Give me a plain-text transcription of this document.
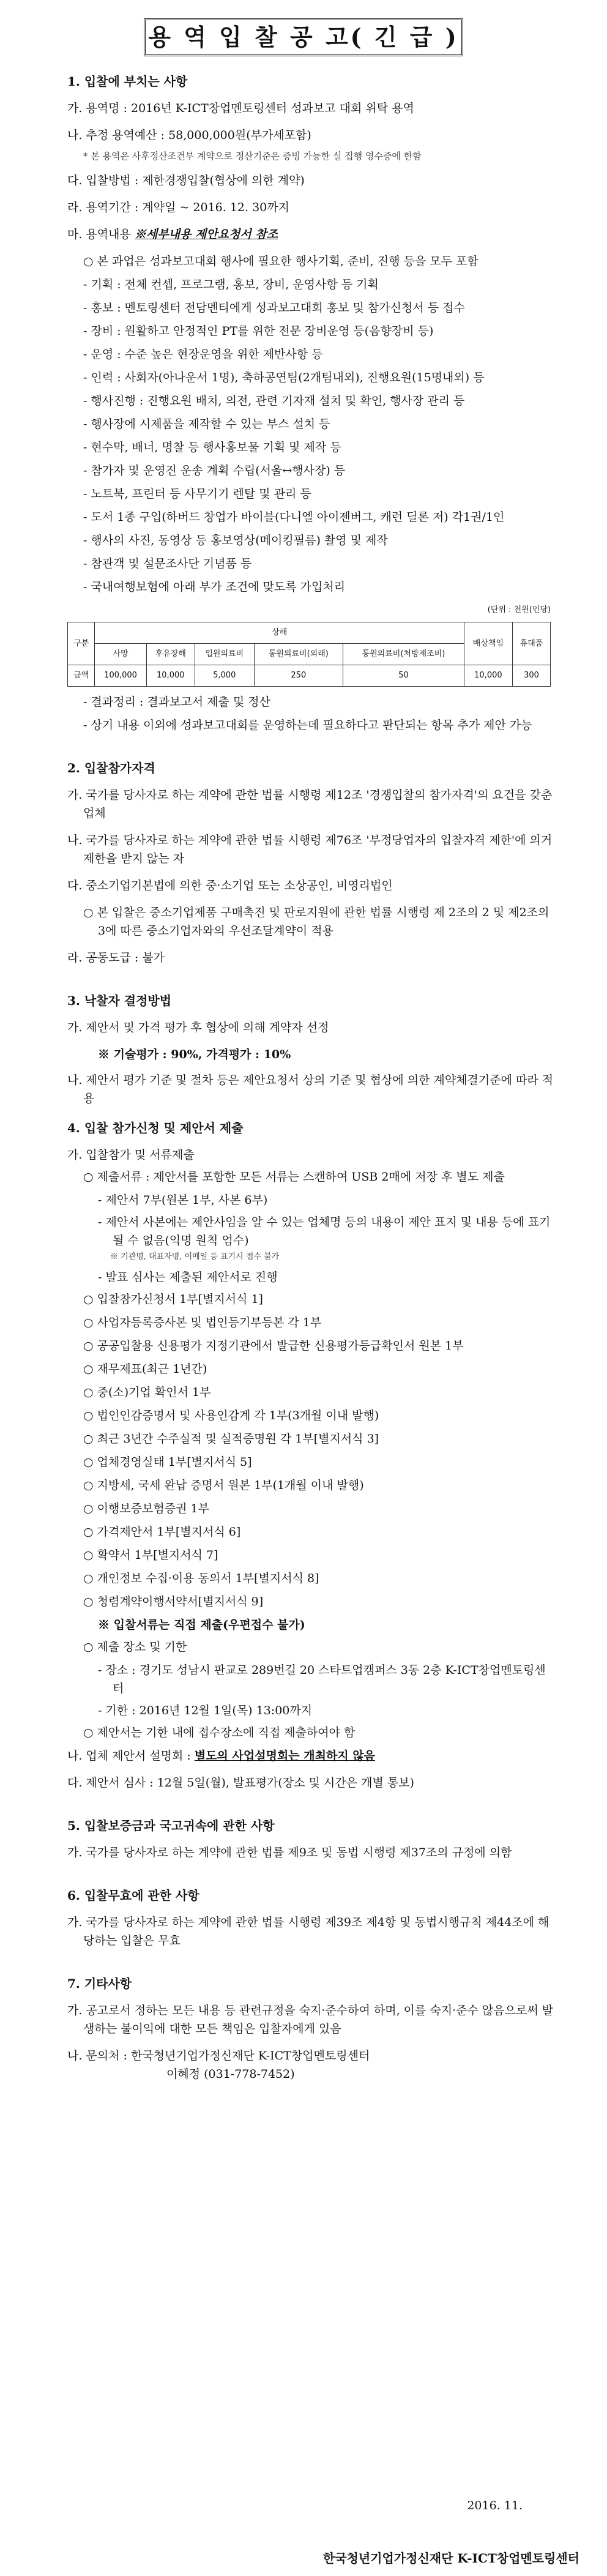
용 역 입 찰 공 고( 긴 급 )
1. 입찰에 부치는 사항
가. 용역명 : 2016년 K-ICT창업멘토링센터 성과보고 대회 위탁 용역
나. 추정 용역예산 : 58,000,000원(부가세포함)
* 본 용역은 사후정산조건부 계약으로 정산기준은 증빙 가능한 실 집행 영수증에 한함
다. 입찰방법 : 제한경쟁입찰(협상에 의한 계약)
라. 용역기간 : 계약일 ~ 2016. 12. 30까지
마. 용역내용 ※세부내용 제안요청서 참조
○ 본 과업은 성과보고대회 행사에 필요한 행사기획, 준비, 진행 등을 모두 포함
- 기획 : 전체 컨셉, 프로그램, 홍보, 장비, 운영사항 등 기획
- 홍보 : 멘토링센터 전담멘티에게 성과보고대회 홍보 및 참가신청서 등 접수
- 장비 : 원활하고 안정적인 PT를 위한 전문 장비운영 등(음향장비 등)
- 운영 : 수준 높은 현장운영을 위한 제반사항 등
- 인력 : 사회자(아나운서 1명), 축하공연팀(2개팀내외), 진행요원(15명내외) 등
- 행사진행 : 진행요원 배치, 의전, 관련 기자재 설치 및 확인, 행사장 관리 등
- 행사장에 시제품을 제작할 수 있는 부스 설치 등
- 현수막, 배너, 명찰 등 행사홍보물 기획 및 제작 등
- 참가자 및 운영진 운송 계획 수립(서울↔행사장) 등
- 노트북, 프린터 등 사무기기 렌탈 및 관리 등
- 도서 1종 구입(하버드 창업가 바이블(다니엘 아이젠버그, 캐런 딜론 저) 각1권/1인
- 행사의 사진, 동영상 등 홍보영상(메이킹필름) 촬영 및 제작
- 참관객 및 설문조사단 기념품 등
- 국내여행보험에 아래 부가 조건에 맞도록 가입처리
(단위 : 천원(인당)
구분	상해					배상책임	휴대품
	사망	후유장해	입원의료비	통원의료비(외래)	통원의료비(처방제조비)		
금액	100,000	10,000	5,000	250	50	10,000	300
- 결과정리 : 결과보고서 제출 및 정산
- 상기 내용 이외에 성과보고대회를 운영하는데 필요하다고 판단되는 항목 추가 제안 가능
2. 입찰참가자격
가. 국가를 당사자로 하는 계약에 관한 법률 시행령 제12조 '경쟁입찰의 참가자격'의 요건을 갖춘 업체
나. 국가를 당사자로 하는 계약에 관한 법률 시행령 제76조 '부정당업자의 입찰자격 제한'에 의거 제한을 받지 않는 자
다. 중소기업기본법에 의한 중·소기업 또는 소상공인, 비영리법인
○ 본 입찰은 중소기업제품 구매촉진 및 판로지원에 관한 법률 시행령 제 2조의 2 및 제2조의 3에 따른 중소기업자와의 우선조달계약이 적용
라. 공동도급 : 불가
3. 낙찰자 결정방법
가. 제안서 및 가격 평가 후 협상에 의해 계약자 선정
※ 기술평가 : 90%, 가격평가 : 10%
나. 제안서 평가 기준 및 절차 등은 제안요청서 상의 기준 및 협상에 의한 계약체결기준에 따라 적용
4. 입찰 참가신청 및 제안서 제출
가. 입찰참가 및 서류제출
○ 제출서류 : 제안서를 포함한 모든 서류는 스캔하여 USB 2매에 저장 후 별도 제출
- 제안서 7부(원본 1부, 사본 6부)
- 제안서 사본에는 제안사임을 알 수 있는 업체명 등의 내용이 제안 표지 및 내용 등에 표기될 수 없음(익명 원칙 엄수)
※ 기관명, 대표자명, 이메일 등 표기시 접수 불가
- 발표 심사는 제출된 제안서로 진행
○ 입찰참가신청서 1부[별지서식 1]
○ 사업자등록증사본 및 법인등기부등본 각 1부
○ 공공입찰용 신용평가 지정기관에서 발급한 신용평가등급확인서 원본 1부
○ 재무제표(최근 1년간)
○ 중(소)기업 확인서 1부
○ 법인인감증명서 및 사용인감계 각 1부(3개월 이내 발행)
○ 최근 3년간 수주실적 및 실적증명원 각 1부[별지서식 3]
○ 업체경영실태 1부[별지서식 5]
○ 지방세, 국세 완납 증명서 원본 1부(1개월 이내 발행)
○ 이행보증보험증권 1부
○ 가격제안서 1부[별지서식 6]
○ 확약서 1부[별지서식 7]
○ 개인정보 수집·이용 동의서 1부[별지서식 8]
○ 청렴계약이행서약서[별지서식 9]
※ 입찰서류는 직접 제출(우편접수 불가)
○ 제출 장소 및 기한
- 장소 : 경기도 성남시 판교로 289번길 20 스타트업캠퍼스 3동 2층 K-ICT창업멘토링센터
- 기한 : 2016년 12월 1일(목) 13:00까지
○ 제안서는 기한 내에 접수장소에 직접 제출하여야 함
나. 업체 제안서 설명회 : 별도의 사업설명회는 개최하지 않음
다. 제안서 심사 : 12월 5일(월), 발표평가(장소 및 시간은 개별 통보)
5. 입찰보증금과 국고귀속에 관한 사항
가. 국가를 당사자로 하는 계약에 관한 법률 제9조 및 동법 시행령 제37조의 규정에 의함
6. 입찰무효에 관한 사항
가. 국가를 당사자로 하는 계약에 관한 법률 시행령 제39조 제4항 및 동법시행규칙 제44조에 해당하는 입찰은 무효
7. 기타사항
가. 공고로서 정하는 모든 내용 등 관련규정을 숙지·준수하여 하며, 이를 숙지·준수 않음으로써 발생하는 불이익에 대한 모든 책임은 입찰자에게 있음
나. 문의처 : 한국청년기업가정신재단 K-ICT창업멘토링센터
이혜정 (031-778-7452)
2016. 11.
한국청년기업가정신재단 K-ICT창업멘토링센터
